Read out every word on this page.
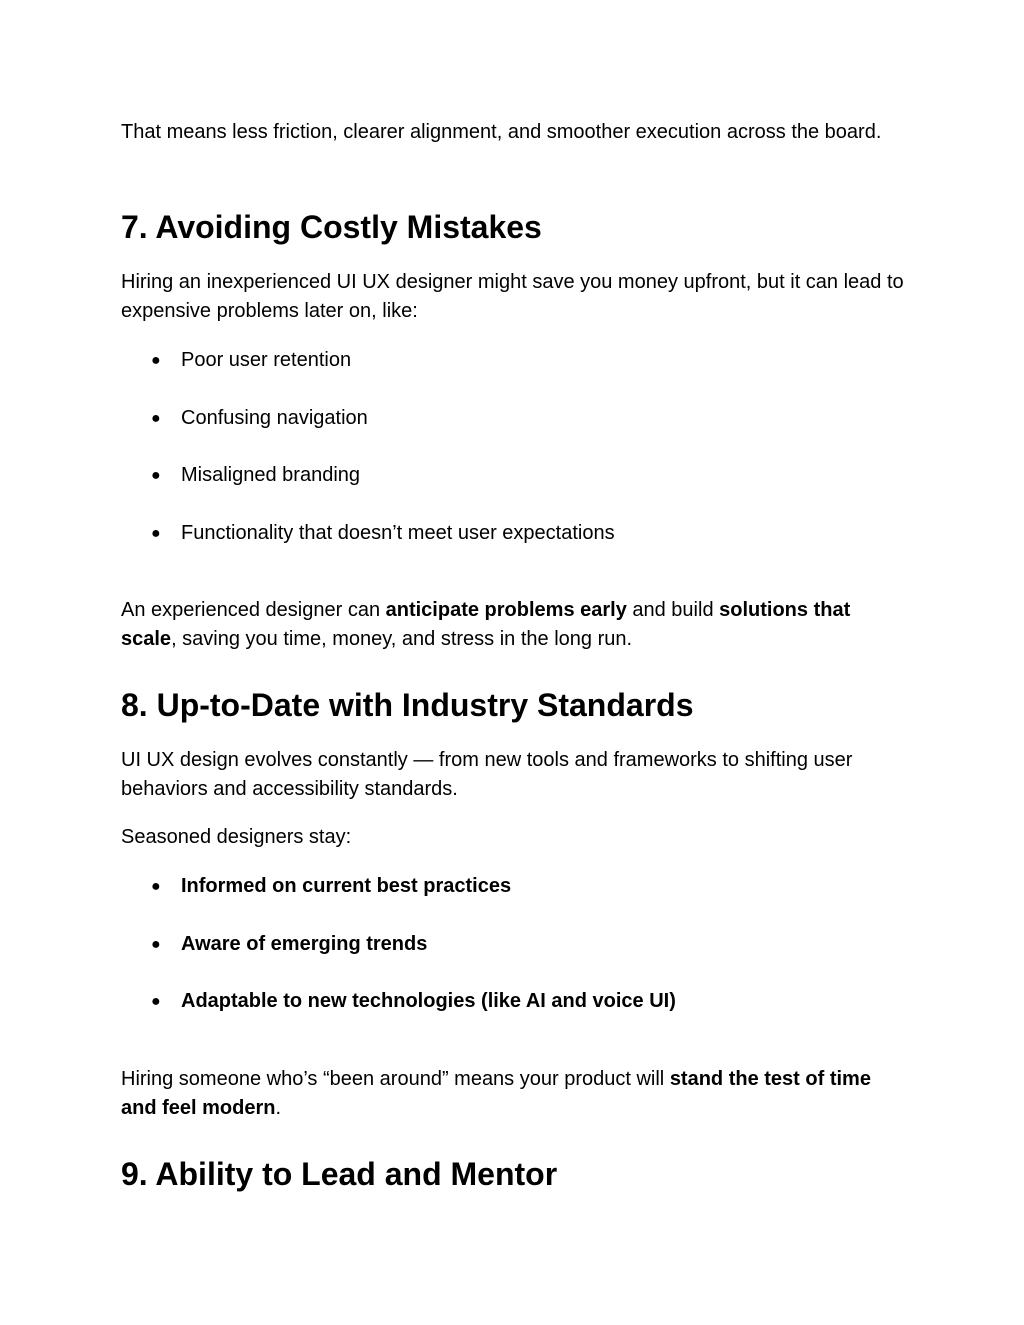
That means less friction, clearer alignment, and smoother execution across the board.

7. Avoiding Costly Mistakes

Hiring an inexperienced UI UX designer might save you money upfront, but it can lead to expensive problems later on, like:

● Poor user retention
● Confusing navigation
● Misaligned branding
● Functionality that doesn’t meet user expectations

An experienced designer can anticipate problems early and build solutions that scale, saving you time, money, and stress in the long run.

8. Up-to-Date with Industry Standards

UI UX design evolves constantly — from new tools and frameworks to shifting user behaviors and accessibility standards.

Seasoned designers stay:

● Informed on current best practices
● Aware of emerging trends
● Adaptable to new technologies (like AI and voice UI)

Hiring someone who’s “been around” means your product will stand the test of time and feel modern.

9. Ability to Lead and Mentor
